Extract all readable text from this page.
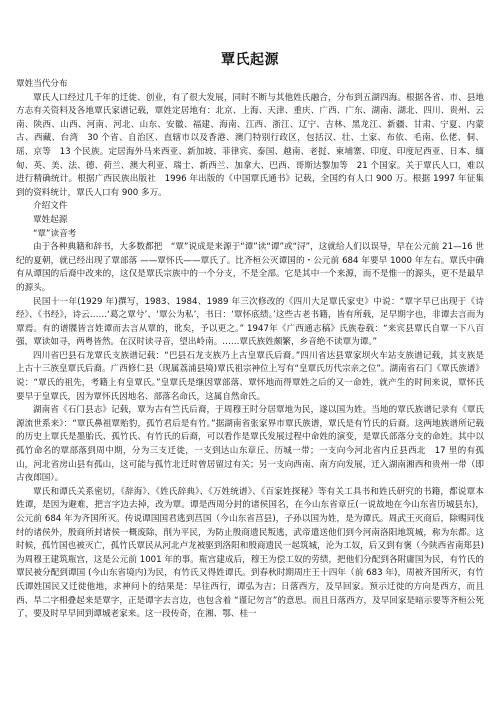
覃氏起源

覃姓当代分布

覃氏人口经过几千年的迁徙、创业，有了很大发展，同时不断与其他姓氏融合，分布到五湖四海。根据各省、市、县地方志有关资料及各地覃氏家谱记载，覃姓定居地有：北京、上海、天津、重庆、广西、广东、湖南、湖北、四川、贵州、云南、陕西、山西、河南、河北、山东、安徽、福建、海南、江西、浙江、辽宁、吉林、黑龙江、新疆、甘肃、宁夏、内蒙古、西藏、台湾　30 个省、自治区、直辖市以及香港、澳门特别行政区，包括汉、壮、土家、布依、毛南、仫佬、侗、瑶、京等　13 个民族。定居海外马来西亚、新加坡、菲律宾、泰国、越南、老挝、柬埔寨、印度、印度尼西亚、日本、缅甸、英、美、法、德、荷兰、澳大利亚、瑞士、新西兰、加拿大、巴西、哥斯达黎加等　21 个国家。关于覃氏人口，难以进行精确统计。根据广西民族出版社　1996 年出版的《中国覃氏通书》记载，全国约有人口 900 万。根据 1997 年征集到的资料统计，覃氏人口有 900 多万。

介绍文件

覃姓起源

“覃”读音考

由于各种典籍和辞书，大多数都把　“覃”说成是来源于“谭”读“谭”或“浔”，这就给人们以误导，早在公元前 21—16 世纪的夏朝，就已经出现了覃部落 ——覃怀氏——覃氏了。比齐桓公灭谭国的・公元前 684 年要早 1000 年左右。覃氏中确有从谭国的后裔中改来的，这仅是覃氏宗族中的一个分支，不是全部。它是其中一个来源，而不是惟一的源头，更不是最早的源头。

民国十一年(1929 年)撰写，1983、1984、1989 年三次修改的《四川大足覃氏家史》中说：“覃字早已出现于《诗经》、《书经》，诗云……‘葛之覃兮’、‘覃公为私’，书曰：‘覃怀底绩。’这些古老书籍，皆有所载，足早期字也，非谭去言而为覃焉。有的谱牒皆言姓谭而去言从覃的，讹矣，予以更之。” 1947年《广西通志稿》氏族卷载：“来宾县覃氏自覃一下八百强，覃读如寻，两粤皆然。在汉时读寻音，望出岭南。……覃氏族姓颇繁，乡音绝不读覃为谭。”

四川省巴县石龙覃氏支族谱记载：“巴县石龙支族乃上古皇覃氏后裔。”四川省达县覃家坝火车站支族谱记载，其支族是上古十三族皇覃氏后裔。广西修仁县（现属荔浦县境)覃氏祖宗神位上写有“皇覃氏历代宗亲之位”。湖南省石门《覃氏族谱》说：“覃氏的祖先，考籍上有皇覃氏。”皇覃氏是继因覃部落、覃怀地而得覃姓之后的又一命姓，就产生的时间来说，覃怀氏要早于皇覃氏，因为覃怀氏因地名、部落名命氏，这属自然命氏。

湖南省《石门县志》记载，覃为古有竺氏后裔，于周穆王时分居覃地为民，遂以国为姓。当地的覃氏族谱记录有《覃氏源流世系来》：“覃氏鼻祖覃贻豹，孤竹君后是有竹。”据湖南省张家界市覃氏族谱，覃氏是有竹氏的后裔。这两地族谱所记载的历史上覃氏是墨胎氏、孤竹氏、有竹氏的后裔，可以看作是覃氏发展过程中命姓的演变，是覃氏部落分支的命姓。其中以孤竹命名的覃部落到周中期，分为三支迁徙，一支到达山东章丘、历城一带；一支向今河北省内丘县西北　17 里的有孤山，河北省房山县有孤山，这可能与孤竹北迁时曾居留过有关；另一支向西南、南方向发展，迁入湖南湘西和贵州一带（即古夜郎国）。

覃氏和谭氏关系密切，《辞海》、《姓氏辞典》、《万姓统谱》、《百家姓探秘》等有关工具书和姓氏研究的书籍，都说覃本姓谭，是因为避难，把言字边去掉，改为覃。谭是西周分封的诸侯国名，在今山东省章丘(一说故地在今山东省历城县东)，公元前 684 年为齐国所灭。传说谭国国君逃到莒国（今山东省莒县)，子孙以国为姓，是为谭氏。周武王灭商后，除赐同伐纣的诸侯外，殷商所封诸侯一概废除，削为平民，为防止殷商遗民叛逃，武帝遣送他们到今河南洛阳地筑城，称为东都。这时候，孤竹国也被灭亡，孤竹氏覃民从河北卢龙被驱到洛阳和殷商遗民一起筑城，沦为工奴，后又到有褒（今陕西省南郑县)为周穆王建筑瓶宫，这是公元前 1001 年的事。瓶宫建成后，穆王为偿工奴的劳绩，把他们分配到各附庸国为民，有竹氏的覃民被分配到谭国 (今山东省境内)为民，有竹氏又得姓谭氏。到春秋时期周庄王十四年（前 683 年)，周被齐国所灭，有竹氏谭姓国民又迁徙他地，求神问卜的结果是：早往西行，谭弘为吉；日落西方，及早回家。预示迁徙的方向是西方，而且西、旱二字相叠起来是覃字，正是谭字去言边，也包含着 “谨记勿言”的意思。而且日落西方，及早回家是暗示要等齐桓公死了，要及时早早回到谭城老家来。这一段传奇，在湘、鄂、桂一
